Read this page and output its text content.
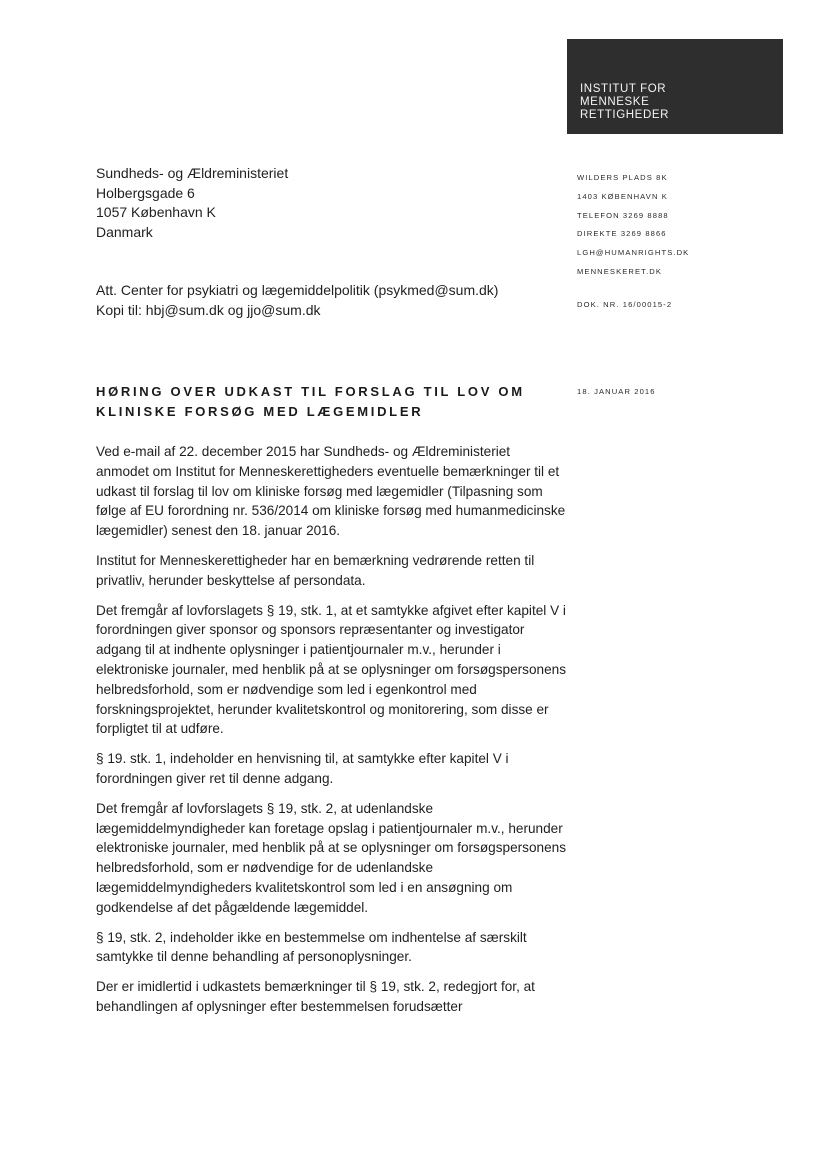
INSTITUT FOR
MENNESKE
RETTIGHEDER
Sundheds- og Ældreministeriet
Holbergsgade 6
1057 København K
Danmark
WILDERS PLADS 8K
1403 KØBENHAVN K
TELEFON 3269 8888
DIREKTE 3269 8866
LGH@HUMANRIGHTS.DK
MENNESKERET.DK
Att. Center for psykiatri og lægemiddelpolitik (psykmed@sum.dk)
Kopi til: hbj@sum.dk og jjo@sum.dk	DOK. NR. 16/00015-2
HØRING OVER UDKAST TIL FORSLAG TIL LOV OM KLINISKE FORSØG MED LÆGEMIDLER
18. JANUAR 2016

Ved e-mail af 22. december 2015 har Sundheds- og Ældreministeriet anmodet om Institut for Menneskerettigheders eventuelle bemærkninger til et udkast til forslag til lov om kliniske forsøg med lægemidler (Tilpasning som følge af EU forordning nr. 536/2014 om kliniske forsøg med humanmedicinske lægemidler) senest den 18. januar 2016.

Institut for Menneskerettigheder har en bemærkning vedrørende retten til privatliv, herunder beskyttelse af persondata.

Det fremgår af lovforslagets § 19, stk. 1, at et samtykke afgivet efter kapitel V i forordningen giver sponsor og sponsors repræsentanter og investigator adgang til at indhente oplysninger i patientjournaler m.v., herunder i elektroniske journaler, med henblik på at se oplysninger om forsøgspersonens helbredsforhold, som er nødvendige som led i egenkontrol med forskningsprojektet, herunder kvalitetskontrol og monitorering, som disse er forpligtet til at udføre.

§ 19. stk. 1, indeholder en henvisning til, at samtykke efter kapitel V i forordningen giver ret til denne adgang.

Det fremgår af lovforslagets § 19, stk. 2, at udenlandske lægemiddelmyndigheder kan foretage opslag i patientjournaler m.v., herunder elektroniske journaler, med henblik på at se oplysninger om forsøgspersonens helbredsforhold, som er nødvendige for de udenlandske lægemiddelmyndigheders kvalitetskontrol som led i en ansøgning om godkendelse af det pågældende lægemiddel.

§ 19, stk. 2, indeholder ikke en bestemmelse om indhentelse af særskilt samtykke til denne behandling af personoplysninger.

Der er imidlertid i udkastets bemærkninger til § 19, stk. 2, redegjort for, at behandlingen af oplysninger efter bestemmelsen forudsætter
